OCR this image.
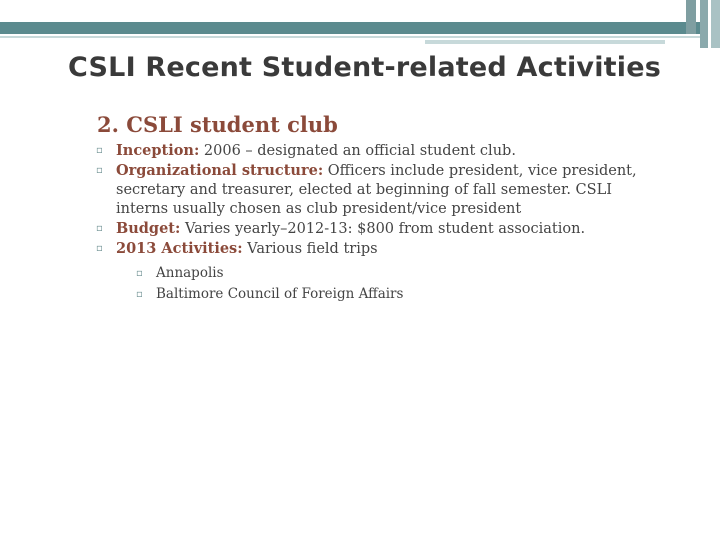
CSLI Recent Student-related Activities
2. CSLI student club
▫ Inception: 2006 – designated an official student club.
▫ Organizational structure: Officers include president, vice president, secretary and treasurer, elected at beginning of fall semester. CSLI interns usually chosen as club president/vice president
▫ Budget: Varies yearly–2012-13: $800 from student association.
▫ 2013 Activities: Various field trips
▫ Annapolis
▫ Baltimore Council of Foreign Affairs
